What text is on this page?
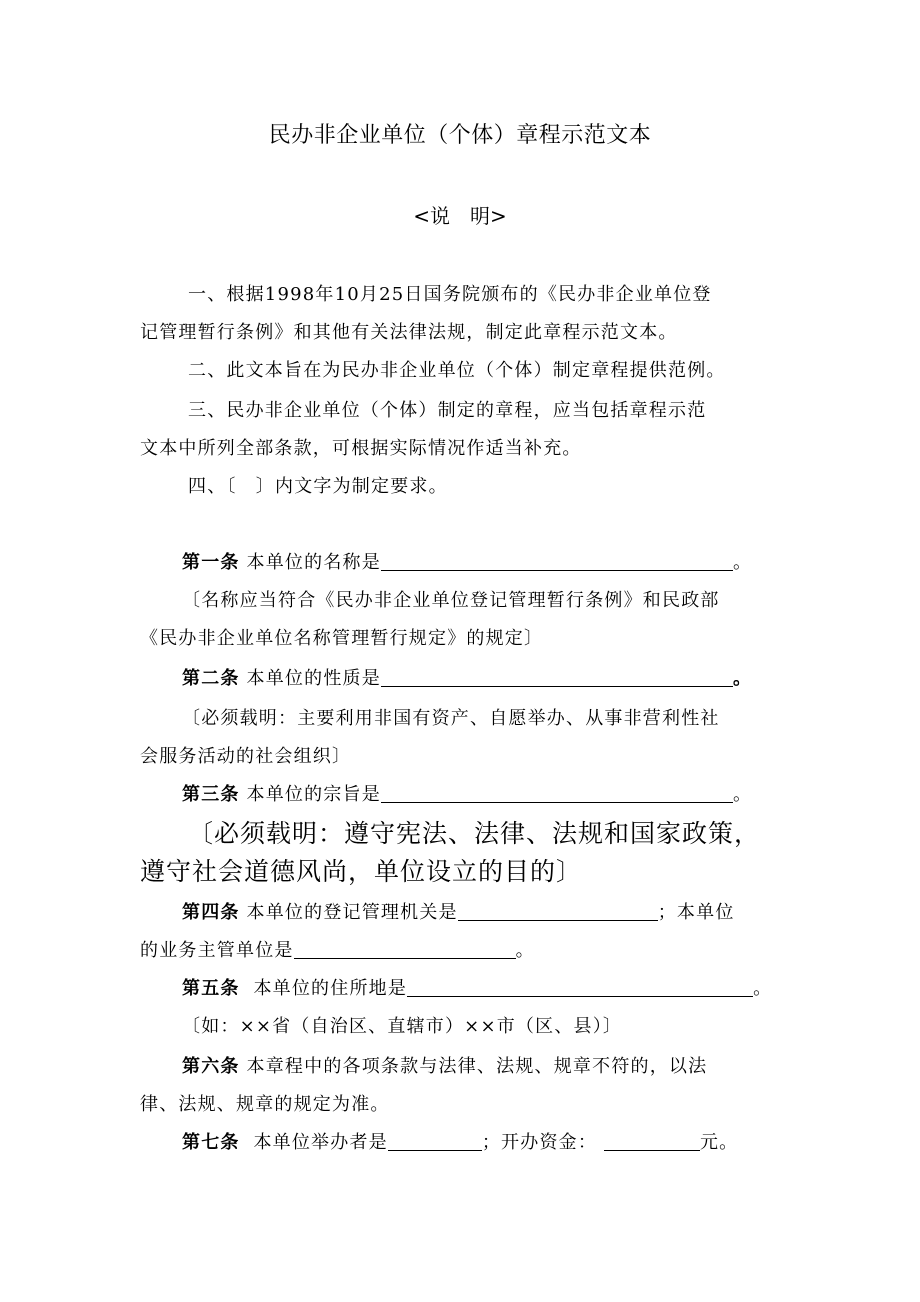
民办非企业单位（个体）章程示范文本
<说　明>
一、根据1998年10月25日国务院颁布的《民办非企业单位登
记管理暂行条例》和其他有关法律法规，制定此章程示范文本。
二、此文本旨在为民办非企业单位（个体）制定章程提供范例。
三、民办非企业单位（个体）制定的章程，应当包括章程示范
文本中所列全部条款，可根据实际情况作适当补充。
四、〔　〕内文字为制定要求。
第一条 本单位的名称是	。
〔名称应当符合《民办非企业单位登记管理暂行条例》和民政部
《民办非企业单位名称管理暂行规定》的规定〕
第二条 本单位的性质是	。
〔必须载明：主要利用非国有资产、自愿举办、从事非营利性社
会服务活动的社会组织〕
第三条 本单位的宗旨是	。
〔必须载明：遵守宪法、法律、法规和国家政策，
遵守社会道德风尚，单位设立的目的〕
第四条 本单位的登记管理机关是	；本单位
的业务主管单位是	。
第五条 本单位的住所地是	。
〔如：××省（自治区、直辖市）××市（区、县）〕
第六条 本章程中的各项条款与法律、法规、规章不符的，以法
律、法规、规章的规定为准。
第七条 本单位举办者是	；开办资金：	元。
